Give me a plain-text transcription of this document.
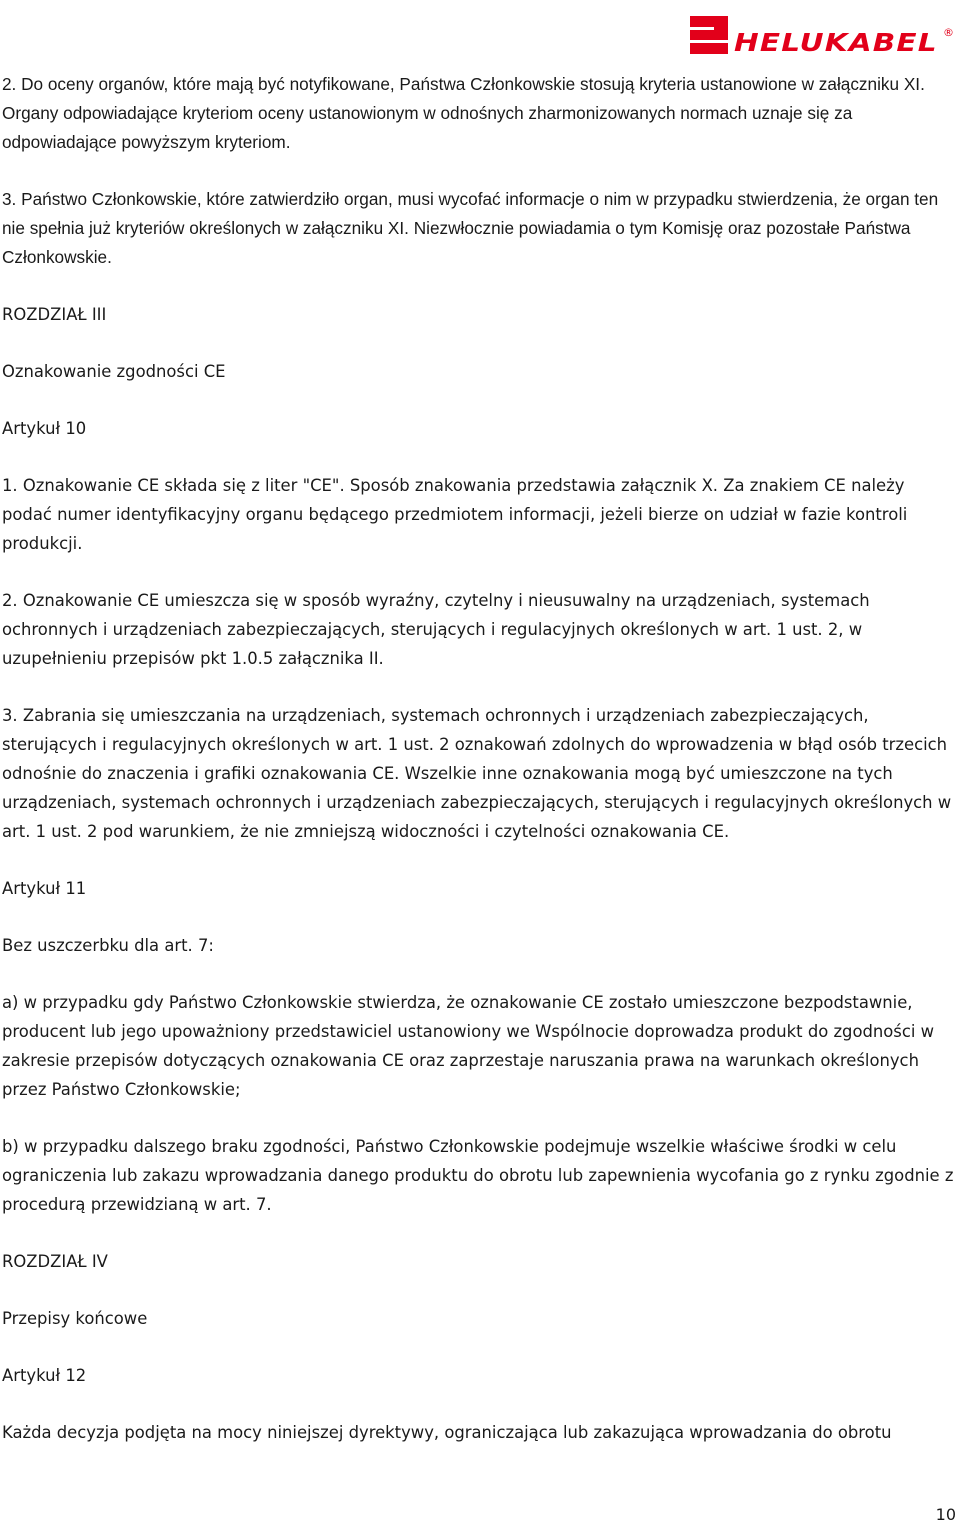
HELUKABEL ®

2. Do oceny organów, które mają być notyfikowane, Państwa Członkowskie stosują kryteria ustanowione w załączniku XI. Organy odpowiadające kryteriom oceny ustanowionym w odnośnych zharmonizowanych normach uznaje się za odpowiadające powyższym kryteriom.

3. Państwo Członkowskie, które zatwierdziło organ, musi wycofać informacje o nim w przypadku stwierdzenia, że organ ten nie spełnia już kryteriów określonych w załączniku XI. Niezwłocznie powiadamia o tym Komisję oraz pozostałe Państwa Członkowskie.

ROZDZIAŁ III

Oznakowanie zgodności CE

Artykuł 10

1. Oznakowanie CE składa się z liter "CE". Sposób znakowania przedstawia załącznik X. Za znakiem CE należy podać numer identyfikacyjny organu będącego przedmiotem informacji, jeżeli bierze on udział w fazie kontroli produkcji.

2. Oznakowanie CE umieszcza się w sposób wyraźny, czytelny i nieusuwalny na urządzeniach, systemach ochronnych i urządzeniach zabezpieczających, sterujących i regulacyjnych określonych w art. 1 ust. 2, w uzupełnieniu przepisów pkt 1.0.5 załącznika II.

3. Zabrania się umieszczania na urządzeniach, systemach ochronnych i urządzeniach zabezpieczających, sterujących i regulacyjnych określonych w art. 1 ust. 2 oznakowań zdolnych do wprowadzenia w błąd osób trzecich odnośnie do znaczenia i grafiki oznakowania CE. Wszelkie inne oznakowania mogą być umieszczone na tych urządzeniach, systemach ochronnych i urządzeniach zabezpieczających, sterujących i regulacyjnych określonych w art. 1 ust. 2 pod warunkiem, że nie zmniejszą widoczności i czytelności oznakowania CE.

Artykuł 11

Bez uszczerbku dla art. 7:

a) w przypadku gdy Państwo Członkowskie stwierdza, że oznakowanie CE zostało umieszczone bezpodstawnie, producent lub jego upoważniony przedstawiciel ustanowiony we Wspólnocie doprowadza produkt do zgodności w zakresie przepisów dotyczących oznakowania CE oraz zaprzestaje naruszania prawa na warunkach określonych przez Państwo Członkowskie;

b) w przypadku dalszego braku zgodności, Państwo Członkowskie podejmuje wszelkie właściwe środki w celu ograniczenia lub zakazu wprowadzania danego produktu do obrotu lub zapewnienia wycofania go z rynku zgodnie z procedurą przewidzianą w art. 7.

ROZDZIAŁ IV

Przepisy końcowe

Artykuł 12

Każda decyzja podjęta na mocy niniejszej dyrektywy, ograniczająca lub zakazująca wprowadzania do obrotu

10
